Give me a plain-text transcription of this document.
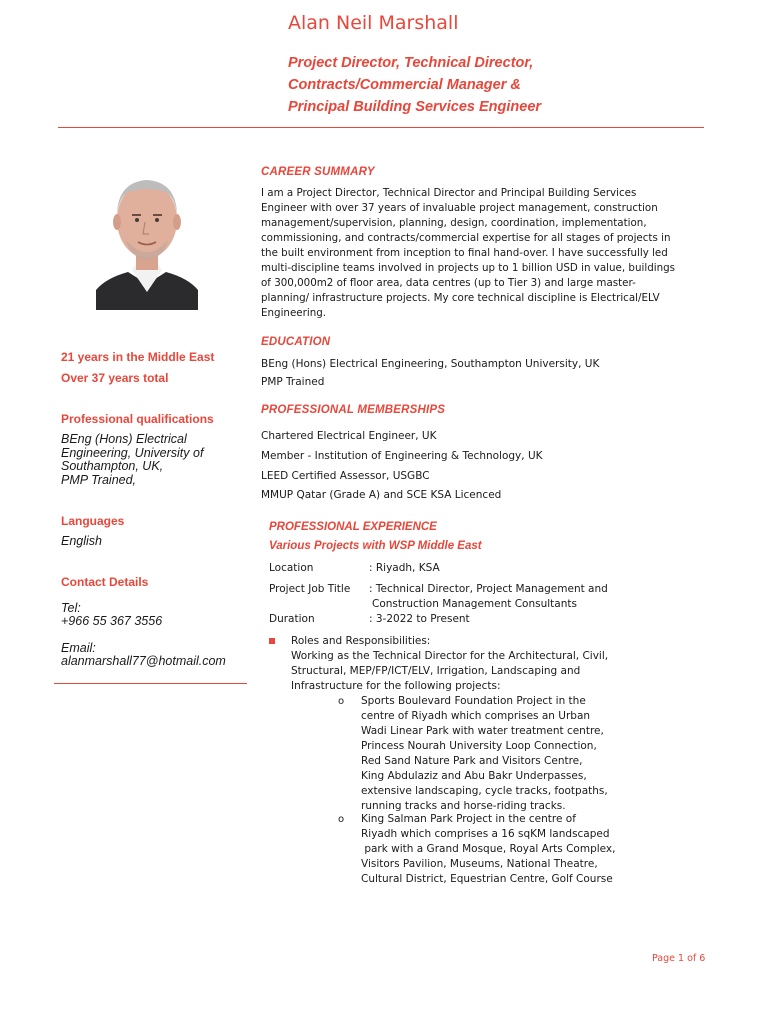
Alan Neil Marshall
Project Director, Technical Director,
Contracts/Commercial Manager &
Principal Building Services Engineer
21 years in the Middle East
Over 37 years total
Professional qualifications
BEng (Hons) Electrical
Engineering, University of
Southampton, UK,
PMP Trained,
Languages
English
Contact Details
Tel:
+966 55 367 3556
Email:
alanmarshall77@hotmail.com
CAREER SUMMARY
I am a Project Director, Technical Director and Principal Building Services
Engineer with over 37 years of invaluable project management, construction
management/supervision, planning, design, coordination, implementation,
commissioning, and contracts/commercial expertise for all stages of projects in
the built environment from inception to final hand-over. I have successfully led
multi-discipline teams involved in projects up to 1 billion USD in value, buildings
of 300,000m2 of floor area, data centres (up to Tier 3) and large master-
planning/ infrastructure projects. My core technical discipline is Electrical/ELV
Engineering.
EDUCATION
BEng (Hons) Electrical Engineering, Southampton University, UK
PMP Trained
PROFESSIONAL MEMBERSHIPS
Chartered Electrical Engineer, UK
Member - Institution of Engineering & Technology, UK
LEED Certified Assessor, USGBC
MMUP Qatar (Grade A) and SCE KSA Licenced
PROFESSIONAL EXPERIENCE
Various Projects with WSP Middle East
Location	: Riyadh, KSA
Project Job Title : Technical Director, Project Management and
Construction Management Consultants
Duration	: 3-2022 to Present
Roles and Responsibilities:
Working as the Technical Director for the Architectural, Civil,
Structural, MEP/FP/ICT/ELV, Irrigation, Landscaping and
Infrastructure for the following projects:
o Sports Boulevard Foundation Project in the
centre of Riyadh which comprises an Urban
Wadi Linear Park with water treatment centre,
Princess Nourah University Loop Connection,
Red Sand Nature Park and Visitors Centre,
King Abdulaziz and Abu Bakr Underpasses,
extensive landscaping, cycle tracks, footpaths,
running tracks and horse-riding tracks.
o King Salman Park Project in the centre of
Riyadh which comprises a 16 sqKM landscaped
park with a Grand Mosque, Royal Arts Complex,
Visitors Pavilion, Museums, National Theatre,
Cultural District, Equestrian Centre, Golf Course
Page 1 of 6
